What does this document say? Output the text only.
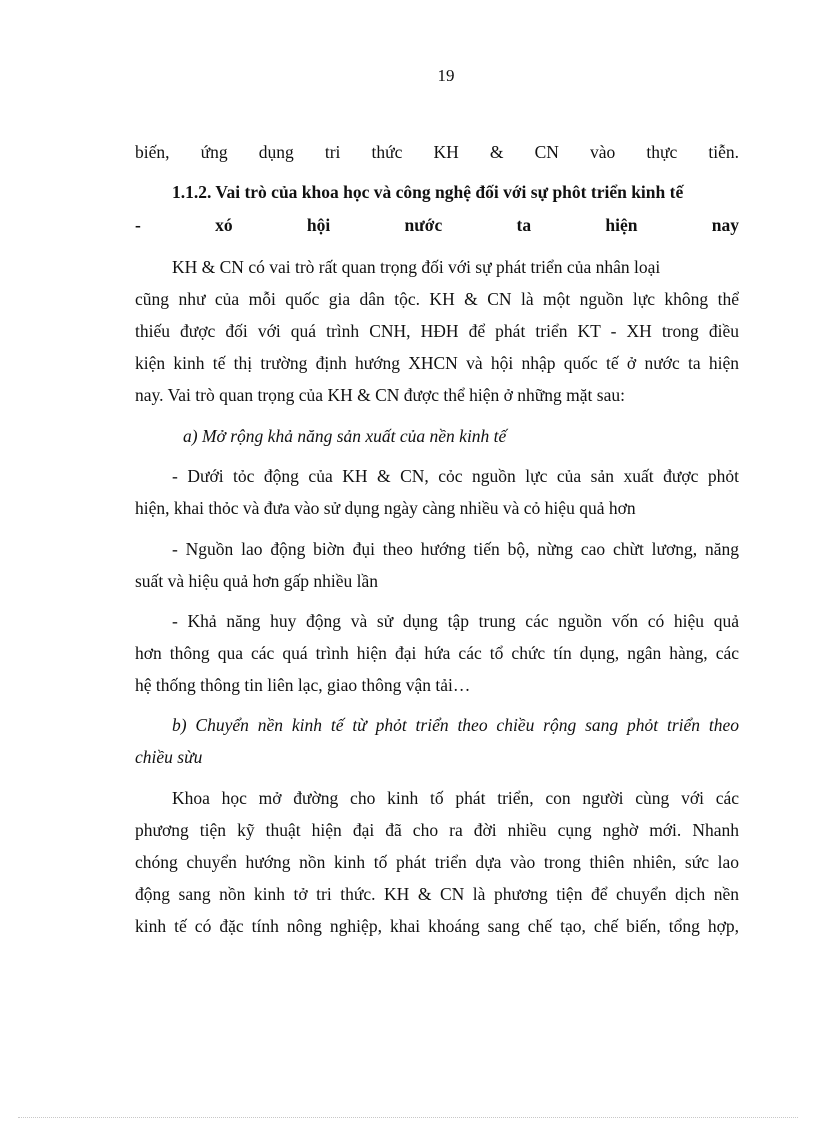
19
biến, ứng dụng tri thức KH & CN vào thực tiễn.
1.1.2. Vai trò của khoa học và công nghệ đối với sự phôt triển kinh tế
- xó hội nước ta hiện nay
KH & CN có vai trò rất quan trọng đối với sự phát triển của nhân loại
cũng như của mỗi quốc gia dân tộc. KH & CN là một nguồn lực không thể
thiếu được đối với quá trình CNH, HĐH để phát triển KT - XH trong điều
kiện kinh tế thị trường định hướng XHCN và hội nhập quốc tế ở nước ta hiện
nay. Vai trò quan trọng của KH & CN được thể hiện ở những mặt sau:
a) Mở rộng khả năng sản xuất của nền kinh tế
- Dưới tỏc động của KH & CN, cỏc nguồn lực của sản xuất được phỏt
hiện, khai thỏc và đưa vào sử dụng ngày càng nhiều và cỏ hiệu quả hơn
- Nguồn lao động biờn đụi theo hướng tiến bộ, nừng cao chừt lương, năng
suất và hiệu quả hơn gấp nhiều lần
- Khả năng huy động và sử dụng tập trung các nguồn vốn có hiệu quả
hơn thông qua các quá trình hiện đại hứa các tổ chức tín dụng, ngân hàng, các
hệ thống thông tin liên lạc, giao thông vận tải…
b) Chuyển nền kinh tế từ phỏt triển theo chiều rộng sang phỏt triển theo
chiều sừu
Khoa học mở đường cho kinh tố phát triển, con người cùng với các
phương tiện kỹ thuật hiện đại đã cho ra đời nhiều cụng nghờ mới. Nhanh
chóng chuyển hướng nồn kinh tố phát triển dựa vào trong thiên nhiên, sức lao
động sang nồn kinh tở tri thức. KH & CN là phương tiện để chuyển dịch nền
kinh tế có đặc tính nông nghiệp, khai khoáng sang chế tạo, chế biến, tổng hợp,
